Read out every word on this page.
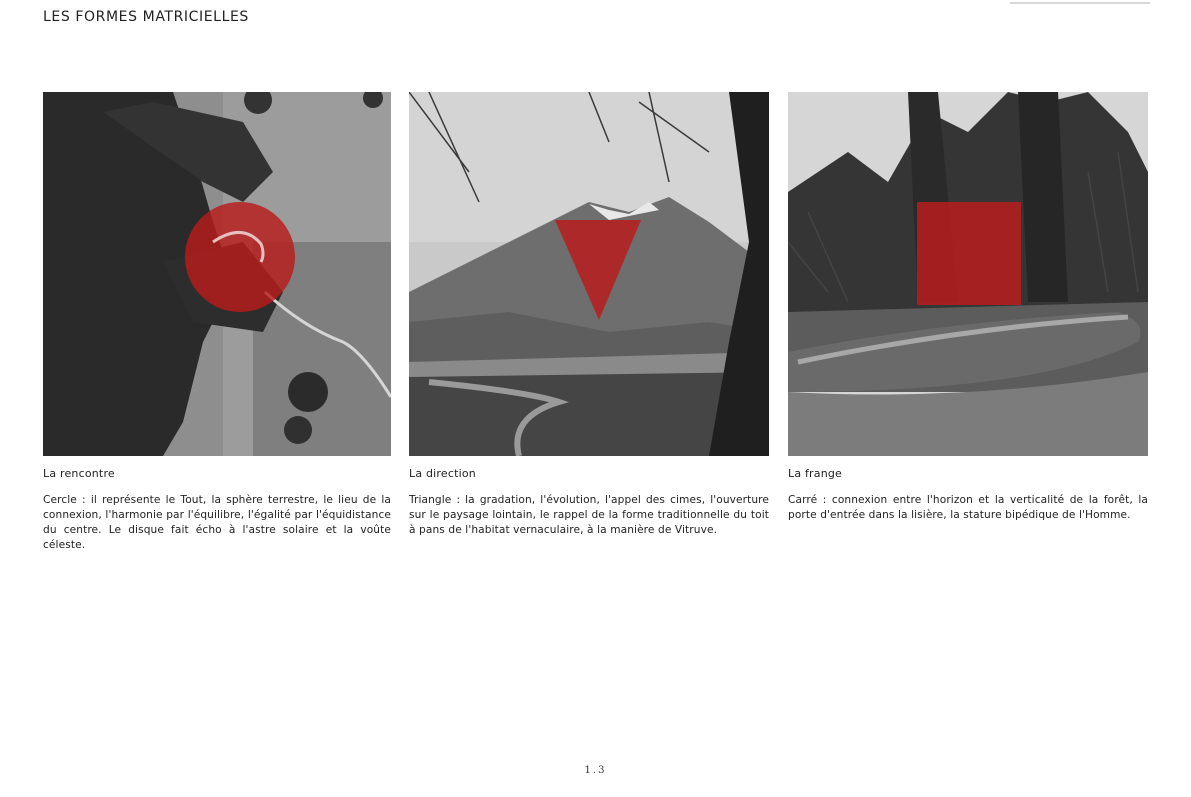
LES FORMES MATRICIELLES
La rencontre
Cercle : il représente le Tout, la sphère terrestre, le lieu de la connexion, l'harmonie par l'équilibre, l'égalité par l'équidistance du centre. Le disque fait écho à l'astre solaire et la voûte céleste.
La direction
Triangle : la gradation, l'évolution, l'appel des cimes, l'ouverture sur le paysage lointain, le rappel de la forme traditionnelle du toit à pans de l'habitat vernaculaire, à la manière de Vitruve.
La frange
Carré : connexion entre l'horizon et la verticalité de la forêt, la porte d'entrée dans la lisière, la stature bipédique de l'Homme.
1.3
